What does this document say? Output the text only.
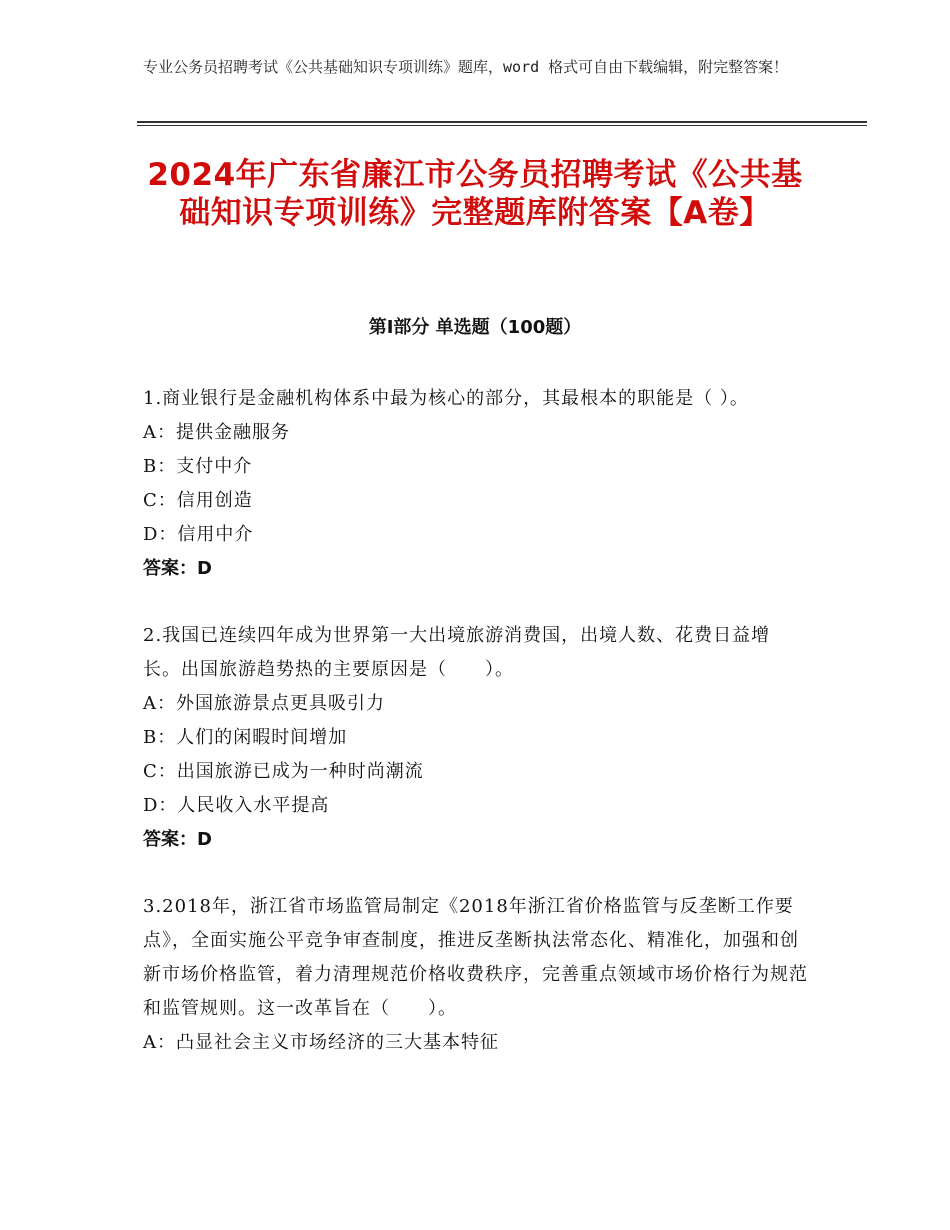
专业公务员招聘考试《公共基础知识专项训练》题库，word 格式可自由下载编辑，附完整答案！
2024年广东省廉江市公务员招聘考试《公共基础知识专项训练》完整题库附答案【A卷】
第Ⅰ部分 单选题（100题）

1.商业银行是金融机构体系中最为核心的部分，其最根本的职能是（ ）。

A：提供金融服务

B：支付中介

C：信用创造

D：信用中介

答案：D

2.我国已连续四年成为世界第一大出境旅游消费国，出境人数、花费日益增长。出国旅游趋势热的主要原因是（　　）。

A：外国旅游景点更具吸引力

B：人们的闲暇时间增加

C：出国旅游已成为一种时尚潮流

D：人民收入水平提高

答案：D

3.2018年，浙江省市场监管局制定《2018年浙江省价格监管与反垄断工作要点》，全面实施公平竞争审查制度，推进反垄断执法常态化、精准化，加强和创新市场价格监管，着力清理规范价格收费秩序，完善重点领域市场价格行为规范和监管规则。这一改革旨在（　　）。

A：凸显社会主义市场经济的三大基本特征
